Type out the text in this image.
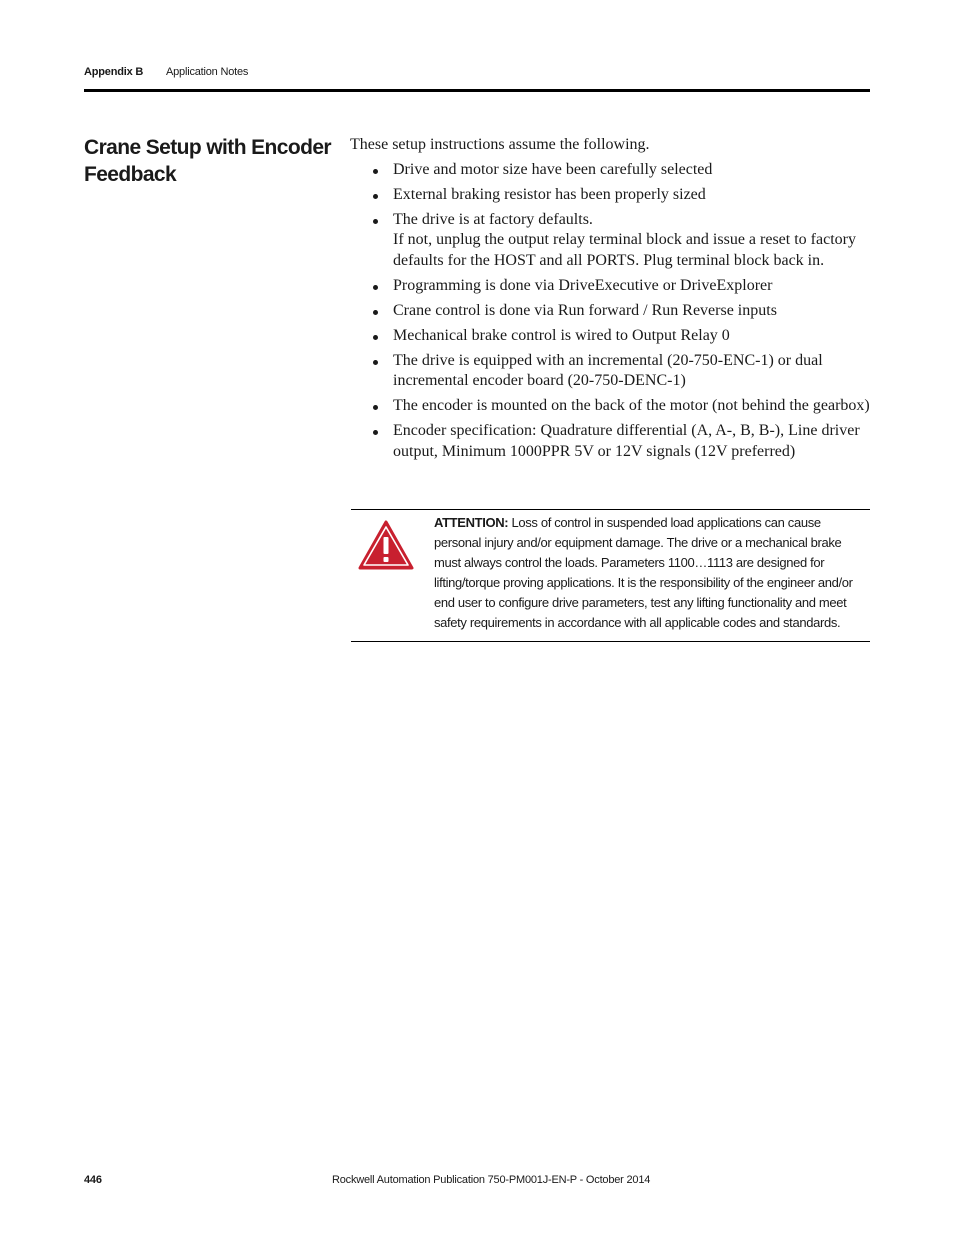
Appendix B Application Notes
Crane Setup with Encoder Feedback

These setup instructions assume the following.

Drive and motor size have been carefully selected
External braking resistor has been properly sized
The drive is at factory defaults.
If not, unplug the output relay terminal block and issue a reset to factory defaults for the HOST and all PORTS. Plug terminal block back in.
Programming is done via DriveExecutive or DriveExplorer
Crane control is done via Run forward / Run Reverse inputs
Mechanical brake control is wired to Output Relay 0
The drive is equipped with an incremental (20-750-ENC-1) or dual incremental encoder board (20-750-DENC-1)
The encoder is mounted on the back of the motor (not behind the gearbox)
Encoder specification: Quadrature differential (A, A-, B, B-), Line driver output, Minimum 1000PPR 5V or 12V signals (12V preferred)
ATTENTION: Loss of control in suspended load applications can cause personal injury and/or equipment damage. The drive or a mechanical brake must always control the loads. Parameters 1100…1113 are designed for lifting/torque proving applications. It is the responsibility of the engineer and/or end user to configure drive parameters, test any lifting functionality and meet safety requirements in accordance with all applicable codes and standards.
446	Rockwell Automation Publication 750-PM001J-EN-P - October 2014
